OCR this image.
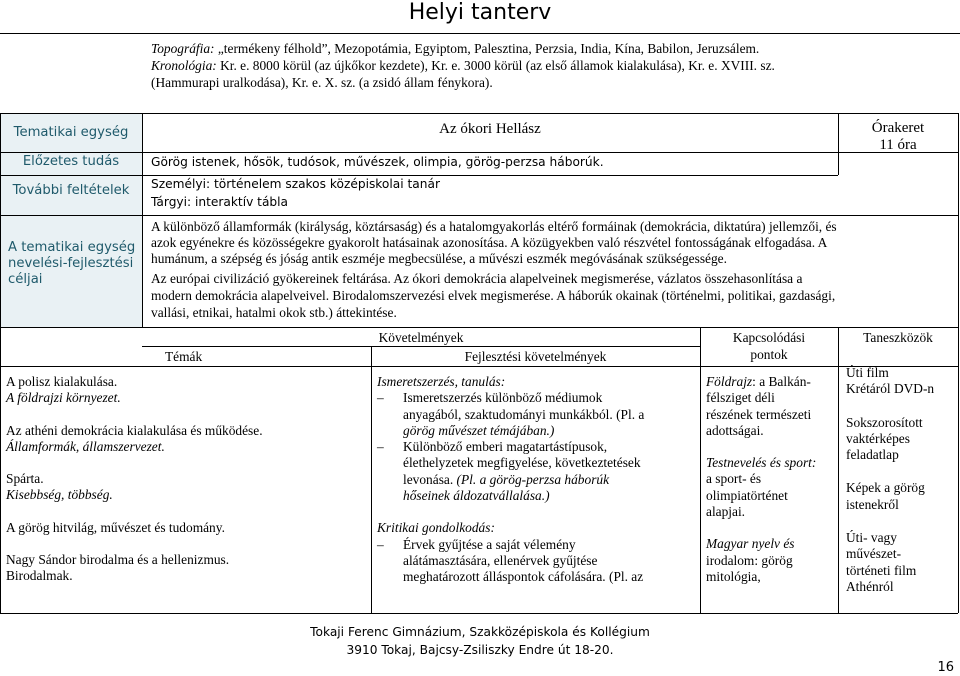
Helyi tanterv
Topográfia: „termékeny félhold”, Mezopotámia, Egyiptom, Palesztina, Perzsia, India, Kína, Babilon, Jeruzsálem.
Kronológia: Kr. e. 8000 körül (az újkőkor kezdete), Kr. e. 3000 körül (az első államok kialakulása), Kr. e. XVIII. sz.
(Hammurapi uralkodása), Kr. e. X. sz. (a zsidó állam fénykora).
Tematikai egység
Előzetes tudás
További feltételek
A tematikai egység nevelési-fejlesztési céljai
Az ókori Hellász	Órakeret
11 óra
Görög istenek, hősök, tudósok, művészek, olimpia, görög-perzsa háborúk.
Személyi: történelem szakos középiskolai tanár
Tárgyi: interaktív tábla
A különböző államformák (királyság, köztársaság) és a hatalomgyakorlás eltérő formáinak (demokrácia, diktatúra) jellemzői, és
azok egyénekre és közösségekre gyakorolt hatásainak azonosítása. A közügyekben való részvétel fontosságának elfogadása. A
humánum, a szépség és jóság antik eszméje megbecsülése, a művészi eszmék megóvásának szükségessége.
Az európai civilizáció gyökereinek feltárása. Az ókori demokrácia alapelveinek megismerése, vázlatos összehasonlítása a
modern demokrácia alapelveivel. Birodalomszervezési elvek megismerése. A háborúk okainak (történelmi, politikai, gazdasági,
vallási, etnikai, hatalmi okok stb.) áttekintése.
Követelmények
Témák	Fejlesztési követelmények
Kapcsolódási
pontok
Taneszközök
A polisz kialakulása.
A földrajzi környezet.
Az athéni demokrácia kialakulása és működése.
Államformák, államszervezet.
Spárta.
Kisebbség, többség.
A görög hitvilág, művészet és tudomány.
Nagy Sándor birodalma és a hellenizmus.
Birodalmak.
Ismeretszerzés, tanulás:
– Ismeretszerzés különböző médiumok
anyagából, szaktudományi munkákból. (Pl. a
görög művészet témájában.)
– Különböző emberi magatartástípusok,
élethelyzetek megfigyelése, következtetések
levonása. (Pl. a görög-perzsa háborúk
hőseinek áldozatvállalása.)
Kritikai gondolkodás:
– Érvek gyűjtése a saját vélemény
alátámasztására, ellenérvek gyűjtése
meghatározott álláspontok cáfolására. (Pl. az
Földrajz: a Balkán-
félsziget déli
részének természeti
adottságai.
Testnevelés és sport:
a sport- és
olimpiatörténet
alapjai.
Magyar nyelv és
irodalom: görög
mitológia,
Úti film
Krétáról DVD-n
Sokszorosított
vaktérképes
feladatlap
Képek a görög
istenekről
Úti- vagy
művészet-
történeti film
Athénról
Tokaji Ferenc Gimnázium, Szakközépiskola és Kollégium
3910 Tokaj, Bajcsy-Zsiliszky Endre út 18-20.
16
